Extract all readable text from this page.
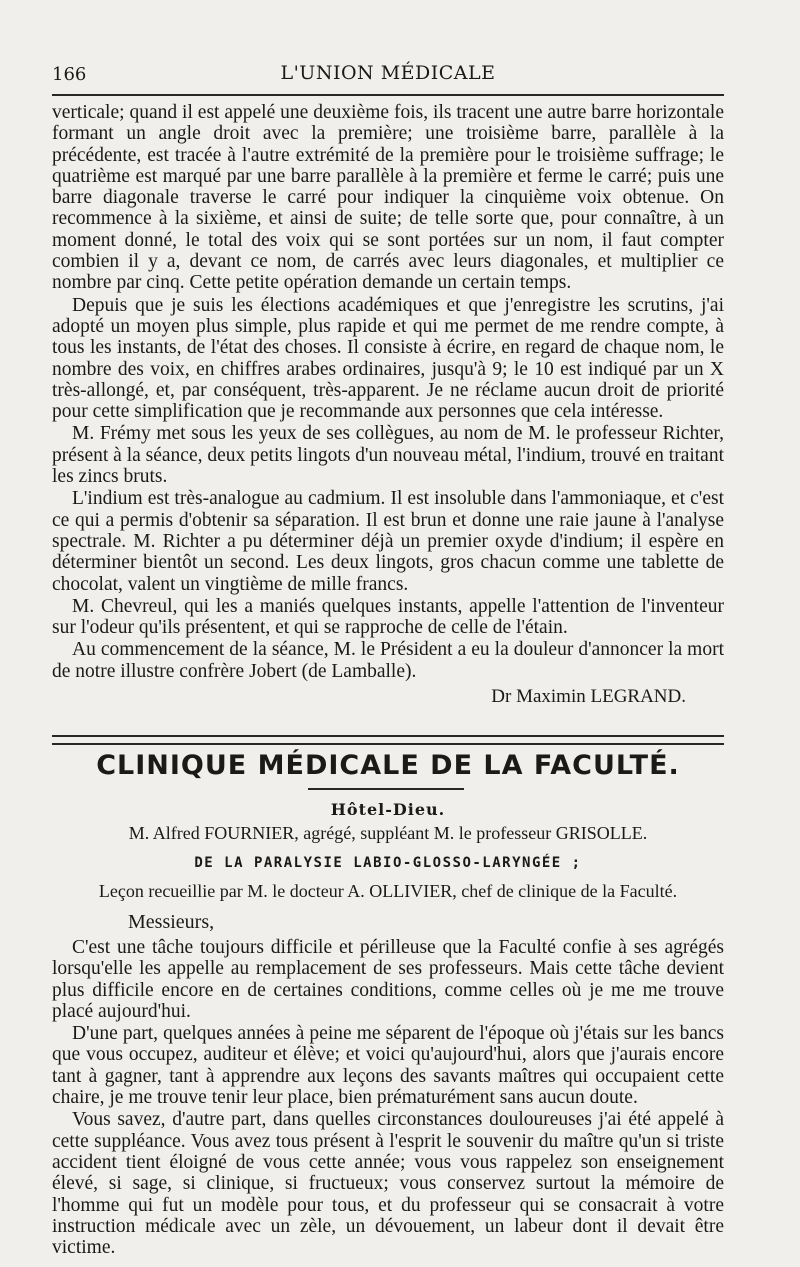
166	L'UNION MÉDICALE

verticale; quand il est appelé une deuxième fois, ils tracent une autre barre horizontale formant un angle droit avec la première; une troisième barre, parallèle à la précédente, est tracée à l'autre extrémité de la première pour le troisième suffrage; le quatrième est marqué par une barre parallèle à la première et ferme le carré; puis une barre diagonale traverse le carré pour indiquer la cinquième voix obtenue. On recommence à la sixième, et ainsi de suite; de telle sorte que, pour connaître, à un moment donné, le total des voix qui se sont portées sur un nom, il faut compter combien il y a, devant ce nom, de carrés avec leurs diagonales, et multiplier ce nombre par cinq. Cette petite opération demande un certain temps.

Depuis que je suis les élections académiques et que j'enregistre les scrutins, j'ai adopté un moyen plus simple, plus rapide et qui me permet de me rendre compte, à tous les instants, de l'état des choses. Il consiste à écrire, en regard de chaque nom, le nombre des voix, en chiffres arabes ordinaires, jusqu'à 9; le 10 est indiqué par un X très-allongé, et, par conséquent, très-apparent. Je ne réclame aucun droit de priorité pour cette simplification que je recommande aux personnes que cela intéresse.

M. Frémy met sous les yeux de ses collègues, au nom de M. le professeur Richter, présent à la séance, deux petits lingots d'un nouveau métal, l'indium, trouvé en traitant les zincs bruts.

L'indium est très-analogue au cadmium. Il est insoluble dans l'ammoniaque, et c'est ce qui a permis d'obtenir sa séparation. Il est brun et donne une raie jaune à l'analyse spectrale. M. Richter a pu déterminer déjà un premier oxyde d'indium; il espère en déterminer bientôt un second. Les deux lingots, gros chacun comme une tablette de chocolat, valent un vingtième de mille francs.

M. Chevreul, qui les a maniés quelques instants, appelle l'attention de l'inventeur sur l'odeur qu'ils présentent, et qui se rapproche de celle de l'étain.

Au commencement de la séance, M. le Président a eu la douleur d'annoncer la mort de notre illustre confrère Jobert (de Lamballe).

Dr Maximin LEGRAND.
CLINIQUE MÉDICALE DE LA FACULTÉ.
Hôtel-Dieu.
M. Alfred FOURNIER, agrégé, suppléant M. le professeur GRISOLLE.
DE LA PARALYSIE LABIO-GLOSSO-LARYNGÉE ;
Leçon recueillie par M. le docteur A. OLLIVIER, chef de clinique de la Faculté.
Messieurs,

C'est une tâche toujours difficile et périlleuse que la Faculté confie à ses agrégés lorsqu'elle les appelle au remplacement de ses professeurs. Mais cette tâche devient plus difficile encore en de certaines conditions, comme celles où je me me trouve placé aujourd'hui.

D'une part, quelques années à peine me séparent de l'époque où j'étais sur les bancs que vous occupez, auditeur et élève; et voici qu'aujourd'hui, alors que j'aurais encore tant à gagner, tant à apprendre aux leçons des savants maîtres qui occupaient cette chaire, je me trouve tenir leur place, bien prématurément sans aucun doute.

Vous savez, d'autre part, dans quelles circonstances douloureuses j'ai été appelé à cette suppléance. Vous avez tous présent à l'esprit le souvenir du maître qu'un si triste accident tient éloigné de vous cette année; vous vous rappelez son enseignement élevé, si sage, si clinique, si fructueux; vous conservez surtout la mémoire de l'homme qui fut un modèle pour tous, et du professeur qui se consacrait à votre instruction médicale avec un zèle, un dévouement, un labeur dont il devait être victime.
